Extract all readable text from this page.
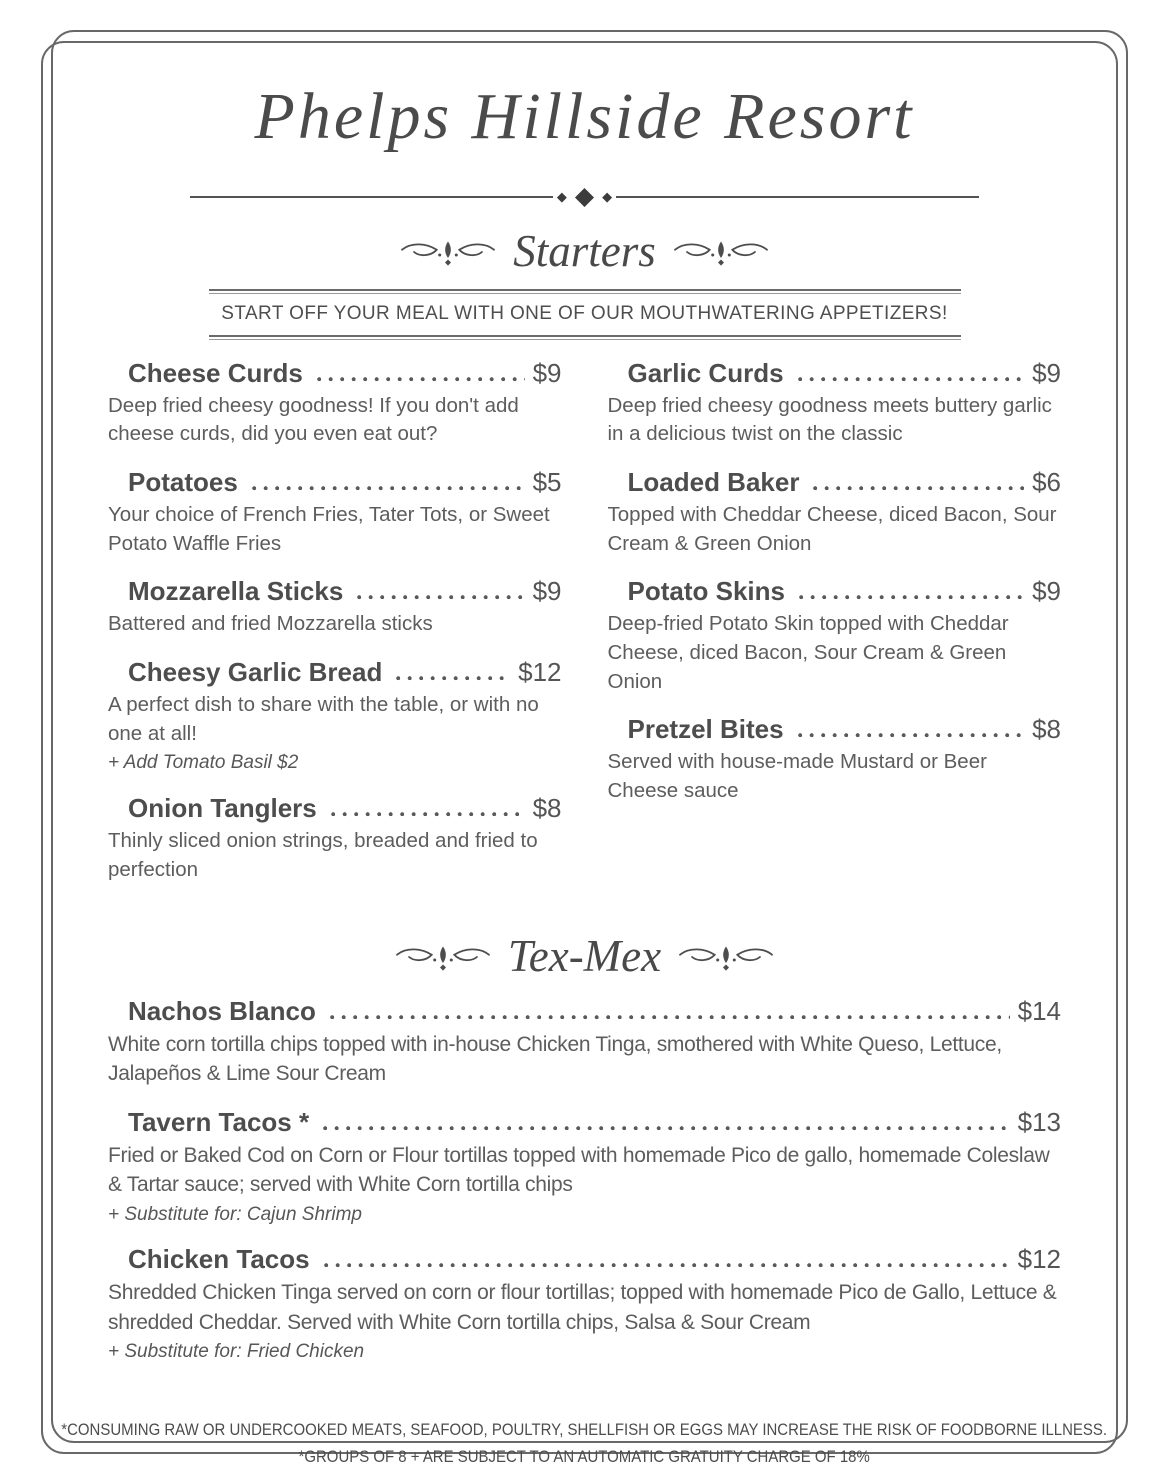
Phelps Hillside Resort
◆ ◆ ◆
Starters
START OFF YOUR MEAL WITH ONE OF OUR MOUTHWATERING APPETIZERS!
Cheese Curds	$9
Deep fried cheesy goodness! If you don't add cheese curds, did you even eat out?
Potatoes	$5
Your choice of French Fries, Tater Tots, or Sweet Potato Waffle Fries
Mozzarella Sticks	$9
Battered and fried Mozzarella sticks
Cheesy Garlic Bread	$12
A perfect dish to share with the table, or with no one at all!
+ Add Tomato Basil $2
Onion Tanglers	$8
Thinly sliced onion strings, breaded and fried to perfection
Garlic Curds	$9
Deep fried cheesy goodness meets buttery garlic in a delicious twist on the classic
Loaded Baker	$6
Topped with Cheddar Cheese, diced Bacon, Sour Cream & Green Onion
Potato Skins	$9
Deep-fried Potato Skin topped with Cheddar Cheese, diced Bacon, Sour Cream & Green Onion
Pretzel Bites	$8
Served with house-made Mustard or Beer Cheese sauce
Tex-Mex
Nachos Blanco	$14
White corn tortilla chips topped with in-house Chicken Tinga, smothered with White Queso, Lettuce, Jalapeños & Lime Sour Cream
Tavern Tacos *	$13
Fried or Baked Cod on Corn or Flour tortillas topped with homemade Pico de gallo, homemade Coleslaw & Tartar sauce; served with White Corn tortilla chips
+ Substitute for: Cajun Shrimp
Chicken Tacos	$12
Shredded Chicken Tinga served on corn or flour tortillas; topped with homemade Pico de Gallo, Lettuce & shredded Cheddar. Served with White Corn tortilla chips, Salsa & Sour Cream
+ Substitute for: Fried Chicken
*CONSUMING RAW OR UNDERCOOKED MEATS, SEAFOOD, POULTRY, SHELLFISH OR EGGS MAY INCREASE THE RISK OF FOODBORNE ILLNESS.
*GROUPS OF 8 + ARE SUBJECT TO AN AUTOMATIC GRATUITY CHARGE OF 18%
